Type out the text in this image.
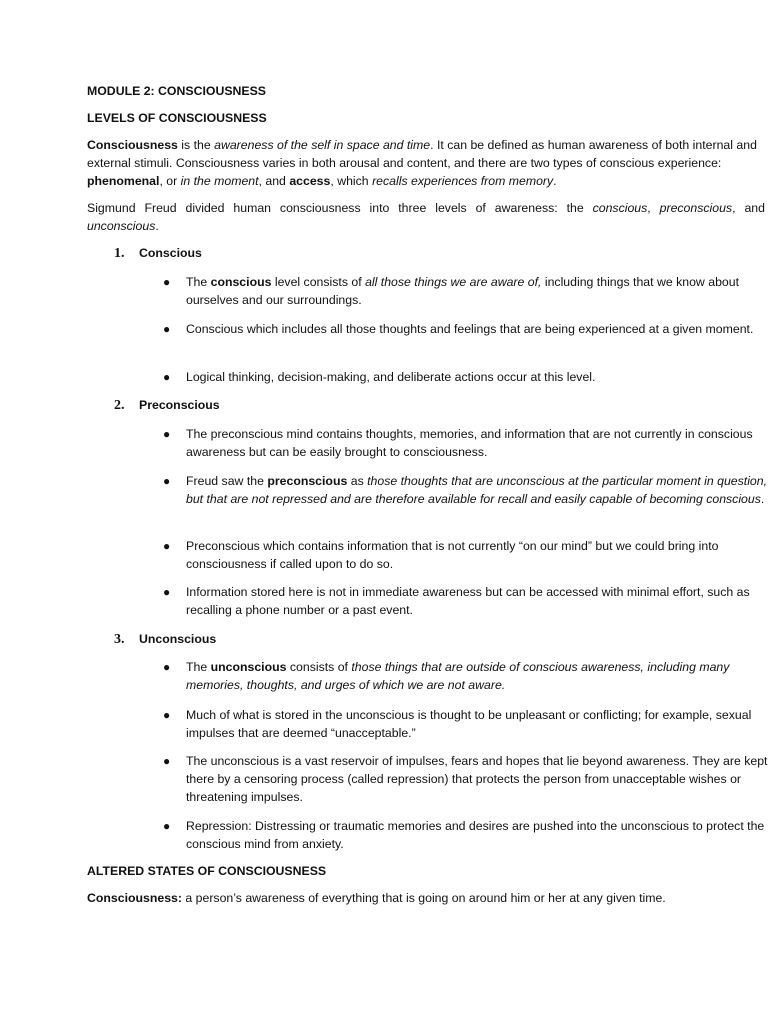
MODULE 2: CONSCIOUSNESS

LEVELS OF CONSCIOUSNESS

Consciousness is the awareness of the self in space and time. It can be defined as human awareness of both internal and external stimuli. Consciousness varies in both arousal and content, and there are two types of conscious experience: phenomenal, or in the moment, and access, which recalls experiences from memory.

Sigmund Freud divided human consciousness into three levels of awareness: the conscious, preconscious, and unconscious.

1. Conscious

● The conscious level consists of all those things we are aware of, including things that we know about ourselves and our surroundings.
● Conscious which includes all those thoughts and feelings that are being experienced at a given moment.
● Logical thinking, decision-making, and deliberate actions occur at this level.

2. Preconscious

● The preconscious mind contains thoughts, memories, and information that are not currently in conscious awareness but can be easily brought to consciousness.
● Freud saw the preconscious as those thoughts that are unconscious at the particular moment in question, but that are not repressed and are therefore available for recall and easily capable of becoming conscious.
● Preconscious which contains information that is not currently “on our mind” but we could bring into consciousness if called upon to do so.
● Information stored here is not in immediate awareness but can be accessed with minimal effort, such as recalling a phone number or a past event.

3. Unconscious

● The unconscious consists of those things that are outside of conscious awareness, including many memories, thoughts, and urges of which we are not aware.
● Much of what is stored in the unconscious is thought to be unpleasant or conflicting; for example, sexual impulses that are deemed “unacceptable.”
● The unconscious is a vast reservoir of impulses, fears and hopes that lie beyond awareness. They are kept there by a censoring process (called repression) that protects the person from unacceptable wishes or threatening impulses.
● Repression: Distressing or traumatic memories and desires are pushed into the unconscious to protect the conscious mind from anxiety.

ALTERED STATES OF CONSCIOUSNESS

Consciousness: a person’s awareness of everything that is going on around him or her at any given time.
